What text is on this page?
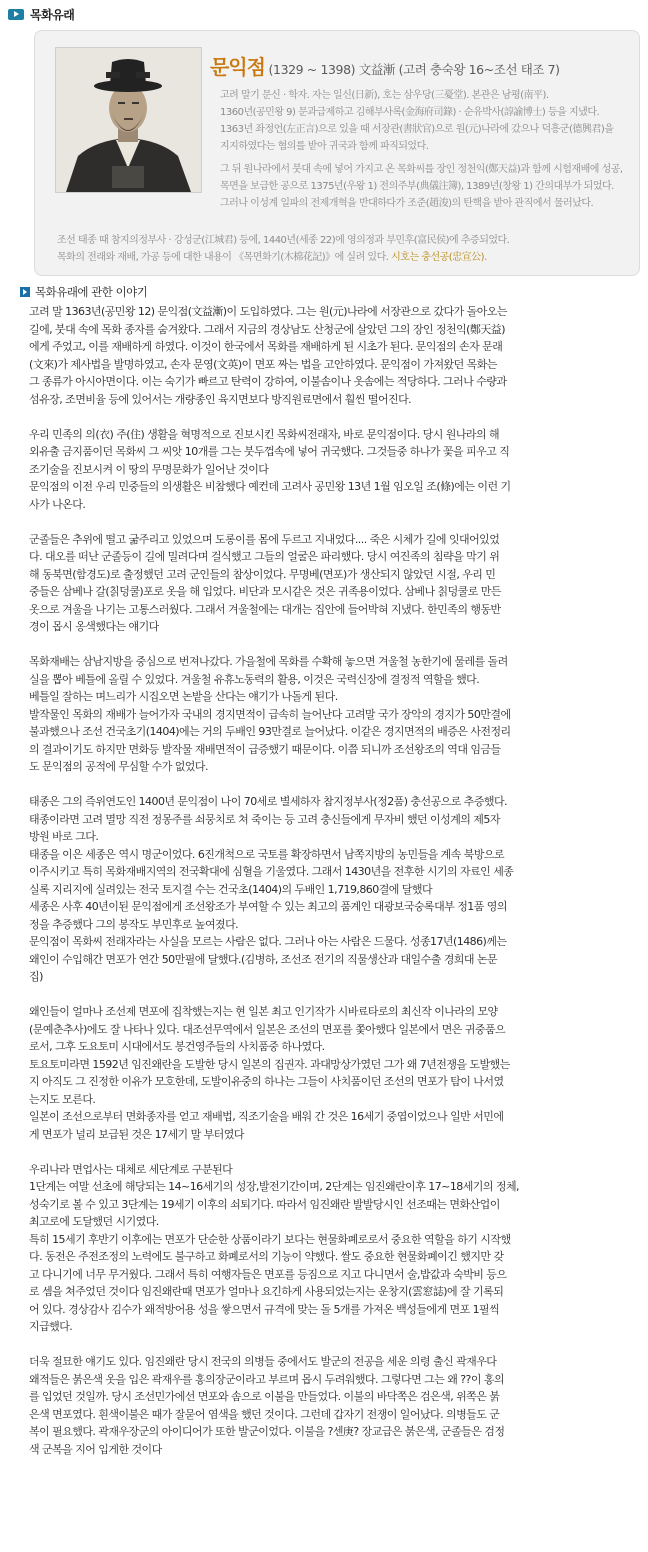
목화유래
문익점 (1329 ~ 1398) 文益漸 (고려 충숙왕 16~조선 태조 7)

고려 말기 문신 · 학자. 자는 일신(日新), 호는 삼우당(三憂堂). 본관은 남평(南平).

1360년(공민왕 9) 문과급제하고 김해부사록(金海府司錄) · 순유박사(諄諭博士) 등을 지냈다.

1363년 좌정언(左正言)으로 있을 때 서장관(書狀官)으로 원(元)나라에 갔으나 덕흥군(德興君)을

지지하였다는 혐의를 받아 귀국과 함께 파직되었다.

그 뒤 원나라에서 붓대 속에 넣어 가지고 온 목화씨를 장인 정천익(鄭天益)과 함께 시험재배에 성공,

목면을 보급한 공으로 1375년(우왕 1) 전의주부(典儀注簿), 1389년(창왕 1) 간의대부가 되었다.

그러나 이성계 일파의 전제개혁을 반대하다가 조준(趙浚)의 탄핵을 받아 관직에서 물러났다.

조선 태종 때 참지의정부사 · 강성군(江城君) 등에, 1440년(세종 22)에 영의정과 부민후(富民侯)에 추증되었다.

목화의 전래와 재배, 가공 등에 대한 내용이 《목면화기(木棉花記)》에 실려 있다. 시호는 충선공(忠宣公).

목화유래에 관한 이야기
고려 말 1363년(공민왕 12) 문익점(文益漸)이 도입하였다. 그는 원(元)나라에 서장관으로 갔다가 돌아오는
길에, 붓대 속에 목화 종자를 숨겨왔다. 그래서 지금의 경상남도 산청군에 살았던 그의 장인 정천익(鄭天益)
에게 주었고, 이를 재배하게 하였다. 이것이 한국에서 목화를 재배하게 된 시초가 된다. 문익점의 손자 문래
(文來)가 제사법을 발명하였고, 손자 문영(文英)이 면포 짜는 법을 고안하였다. 문익점이 가져왔던 목화는
그 종류가 아시아면이다. 이는 숙기가 빠르고 탄력이 강하여, 이불솜이나 옷솜에는 적당하다. 그러나 수량과
섬유장, 조면비율 등에 있어서는 개량종인 육지면보다 방직원료면에서 훨씬 떨어진다.
우리 민족의 의(衣) 주(住) 생활을 혁명적으로 진보시킨 목화씨전래자, 바로 문익점이다. 당시 원나라의 해
외유출 금지품이던 목화씨 그 씨앗 10개를 그는 붓두껍속에 넣어 귀국했다. 그것들중 하나가 꽃을 피우고 직
조기술을 진보시켜 이 땅의 무명문화가 일어난 것이다
문익점의 이전 우리 민중들의 의생활은 비참했다 예컨데 고려사 공민왕 13년 1월 임오일 조(條)에는 이런 기
사가 나온다.
군졸들은 추위에 떨고 굶주리고 있었으며 도롱이를 몸에 두르고 지내었다.... 죽은 시체가 길에 잇대어있었
다. 대오를 떠난 군졸등이 길에 밀려다며 걸식했고 그들의 얼굴은 파리했다. 당시 여진족의 침략을 막기 위
해 동북면(함경도)로 출정했던 고려 군인들의 참상이었다. 무명베(면포)가 생산되지 않았던 시절, 우리 민
중들은 삼베나 갈(칡덩쿨)포로 옷을 해 입었다. 비단과 모시같은 것은 귀족용이었다. 삼베나 칡덩쿨로 만든
옷으로 겨울을 나기는 고통스러웠다. 그래서 겨울철에는 대개는 집안에 들어박혀 지냈다. 한민족의 행동반
경이 몹시 옹색했다는 얘기다
목화재배는 삼남지방을 중심으로 번져나갔다. 가을철에 목화를 수확해 놓으면 겨울철 농한기에 물레를 돌려
실을 뽑아 베틀에 올릴 수 있었다. 겨울철 유휴노동력의 활용, 이것은 국력신장에 결정적 역할을 했다.
베틀일 잘하는 며느리가 시집오면 논밭을 산다는 얘기가 나돌게 된다.
발작물인 목화의 재배가 늘어가자 국내의 경지면적이 급속히 늘어난다 고려말 국가 장악의 경지가 50만결에
불과했으나 조선 건국초기(1404)에는 거의 두배인 93만결로 늘어났다. 이같은 경지면적의 배증은 사전정리
의 결과이기도 하지만 면화등 발작물 재배면적이 급증했기 때문이다. 이쯤 되니까 조선왕조의 역대 임금들
도 문익점의 공적에 무심할 수가 없었다.
태종은 그의 즉위연도인 1400년 문익점이 나이 70세로 별세하자 참지정부사(정2품) 충선공으로 추증했다.
태종이라면 고려 멸망 직전 정몽주를 쇠뭉치로 쳐 죽이는 등 고려 충신들에게 무자비 했던 이성계의 제5자
방원 바로 그다.
태종을 이은 세종은 역시 명군이었다. 6진개척으로 국토를 확장하면서 남쪽지방의 농민들을 계속 북방으로
이주시키고 특히 목화재배지역의 전국확대에 심혈을 기울였다. 그래서 1430년을 전후한 시기의 자료인 세종
실록 지리지에 실려있는 전국 토지결 수는 건국초(1404)의 두배인 1,719,860결에 달했다
세종은 사후 40년이된 문익점에게 조선왕조가 부여할 수 있는 최고의 품계인 대광보국숭록대부 정1품 영의
정을 추증했다 그의 봉작도 부민후로 높여졌다.
문익점이 목화씨 전래자라는 사실을 모르는 사람은 없다. 그러나 아는 사람은 드물다. 성종17년(1486)께는
왜인이 수입해간 면포가 연간 50만필에 달했다.(김병하, 조선조 전기의 직물생산과 대일수출 경희대 논문
집)
왜인들이 얼마나 조선제 면포에 집착했는지는 현 일본 최고 인기작가 시바료타로의 최신작 이나라의 모양
(문예춘추사)에도 잘 나타나 있다. 대조선무역에서 일본은 조선의 면포를 쫓아했다 일본에서 면은 귀중품으
로서, 그후 도요토미 시대에서도 봉건영주들의 사치품중 하나였다.
토요토미라면 1592년 임진왜란을 도발한 당시 일본의 집권자. 과대망상가였던 그가 왜 7년전쟁을 도발했는
지 아직도 그 진정한 이유가 모호한데, 도발이유중의 하나는 그들이 사치품이던 조선의 면포가 탐이 나서였
는지도 모른다.
일본이 조선으로부터 면화종자를 얻고 재배법, 직조기술을 배워 간 것은 16세기 중엽이었으나 일반 서민에
게 면포가 널리 보급된 것은 17세기 말 부터였다
우리나라 면업사는 대체로 세단계로 구분된다
1단계는 여말 선초에 해당되는 14~16세기의 성장,발전기간이며, 2단계는 임진왜란이후 17~18세기의 정체,
성숙기로 볼 수 있고 3단계는 19세기 이후의 쇠퇴기다. 따라서 임진왜란 발발당시인 선조때는 면화산업이
최고로에 도달했던 시기였다.
특히 15세기 후반기 이후에는 면포가 단순한 상품이라기 보다는 현물화폐로로서 중요한 역할을 하기 시작했
다. 동전은 주전조정의 노력에도 불구하고 화폐로서의 기능이 약했다. 쌀도 중요한 현물화폐이긴 했지만 갖
고 다니기에 너무 무거웠다. 그래서 특히 여행자들은 면포를 등짐으로 지고 다니면서 술,밥값과 숙박비 등으
로 셈을 쳐주었던 것이다 임진왜란때 면포가 얼마나 요긴하게 사용되었는지는 운창지(雲窓誌)에 잘 기록되
어 있다. 경상감사 김수가 왜적방어용 성을 쌓으면서 규격에 맞는 돌 5개를 가져온 백성들에게 면포 1필씩
지급했다.
더욱 절묘한 얘기도 있다. 임진왜란 당시 전국의 의병들 중에서도 발군의 전공을 세운 의령 출신 곽재우다
왜적들은 붉은색 옷을 입은 곽재우를 홍의장군이라고 부르며 몹시 두려워했다. 그렇다면 그는 왜 ??이 홍의
를 입었던 것일까. 당시 조선민가에선 면포와 솜으로 이불을 만들었다. 이불의 바닥쪽은 검은색, 위쪽은 붉
은색 면포였다. 흰색이불은 때가 잘묻어 염색을 했던 것이다. 그런데 갑자기 전쟁이 일어났다. 의병들도 군
복이 필요했다. 곽재우장군의 아이디어가 또한 발군이었다. 이불을 ?센庚? 장교급은 붉은색, 군졸들은 검정
색 군복을 지어 입게한 것이다
